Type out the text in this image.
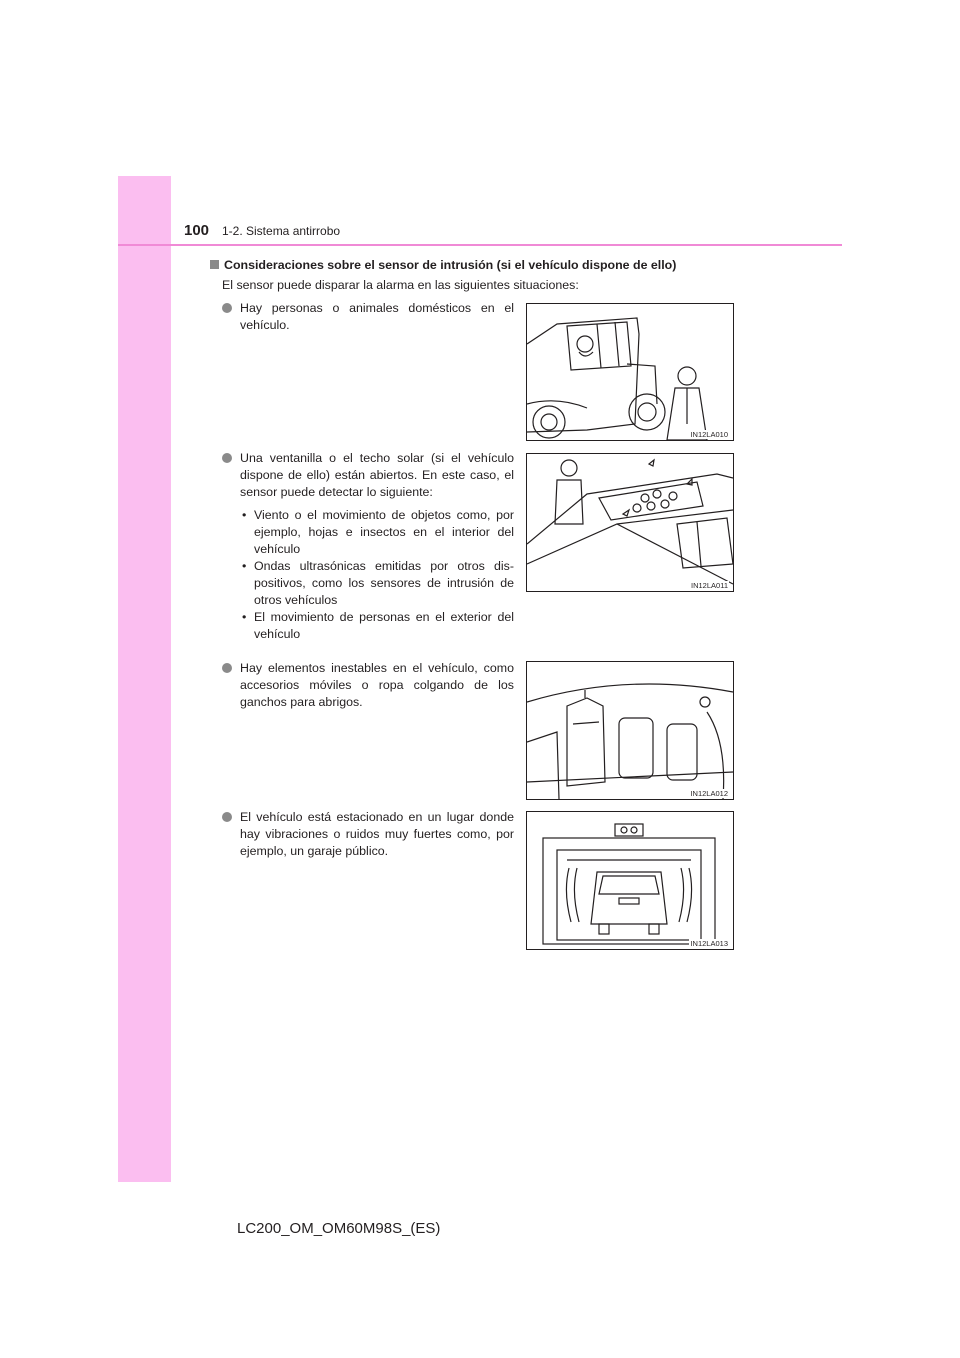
100 1-2. Sistema antirrobo
Consideraciones sobre el sensor de intrusión (si el vehículo dispone de ello)
El sensor puede disparar la alarma en las siguientes situaciones:
Hay personas o animales domésticos en el vehículo.
Una ventanilla o el techo solar (si el vehículo dispone de ello) están abiertos. En este caso, el sensor puede detectar lo siguiente:
• Viento o el movimiento de objetos como, por ejemplo, hojas e insectos en el interior del vehículo
• Ondas ultrasónicas emitidas por otros dis-positivos, como los sensores de intrusión de otros vehículos
• El movimiento de personas en el exterior del vehículo
Hay elementos inestables en el vehículo, como accesorios móviles o ropa colgando de los ganchos para abrigos.
El vehículo está estacionado en un lugar donde hay vibraciones o ruidos muy fuertes como, por ejemplo, un garaje público.
IN12LA010
IN12LA011
IN12LA012
IN12LA013
LC200_OM_OM60M98S_(ES)
